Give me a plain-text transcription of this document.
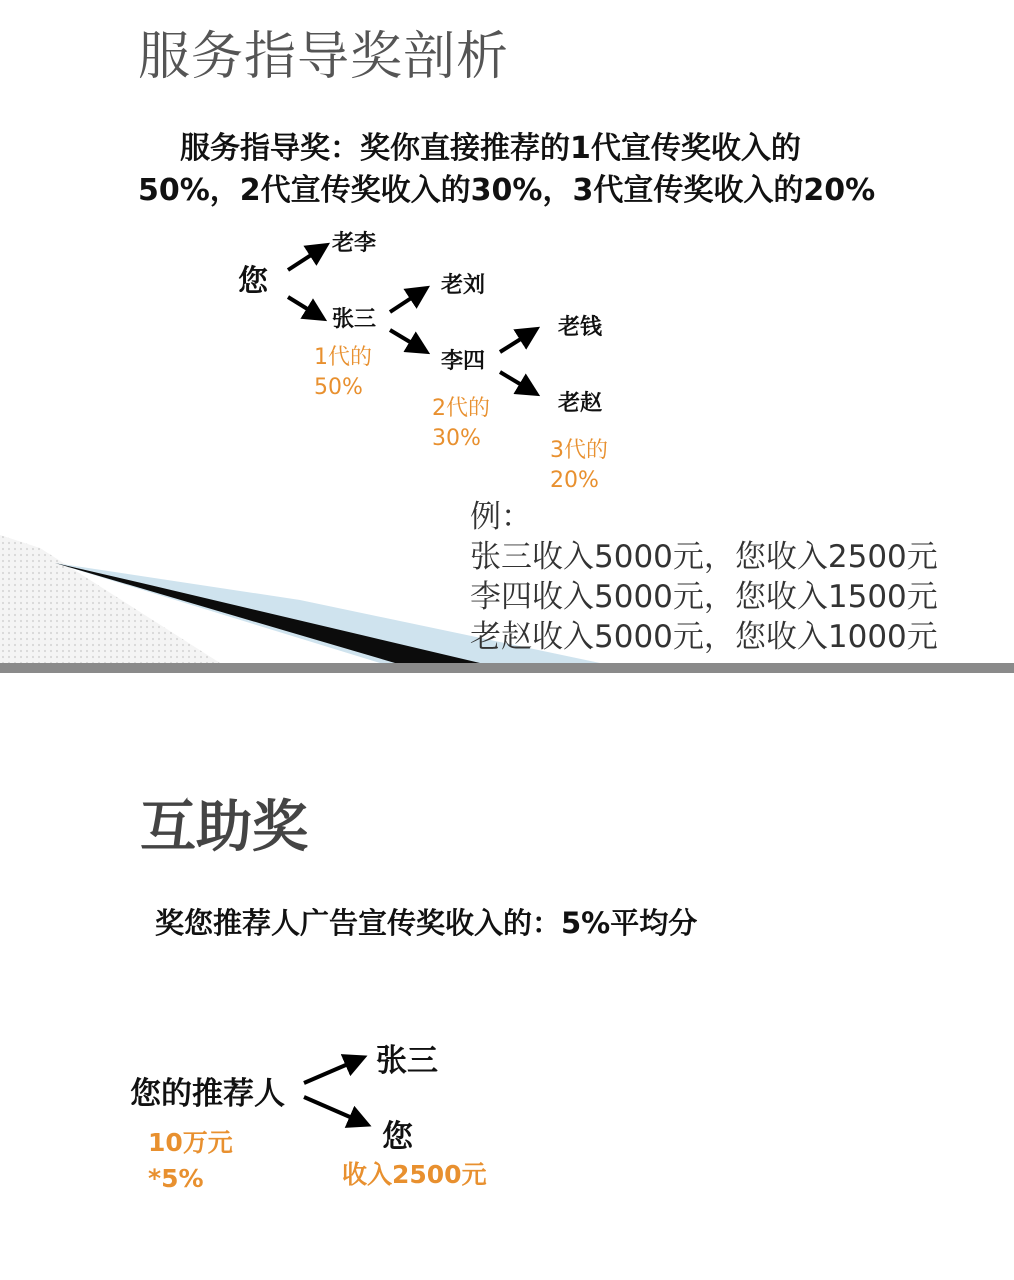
服务指导奖剖析
服务指导奖：奖你直接推荐的1代宣传奖收入的50%，2代宣传奖收入的30%，3代宣传奖收入的20%
您
老李
张三
老刘
李四
老钱
老赵
1代的
50%
2代的
30%	3代的
20%
例：
张三收入5000元，您收入2500元
李四收入5000元，您收入1500元
老赵收入5000元，您收入1000元
互助奖
奖您推荐人广告宣传奖收入的：5%平均分
您的推荐人
张三
您
10万元
*5%	收入2500元
